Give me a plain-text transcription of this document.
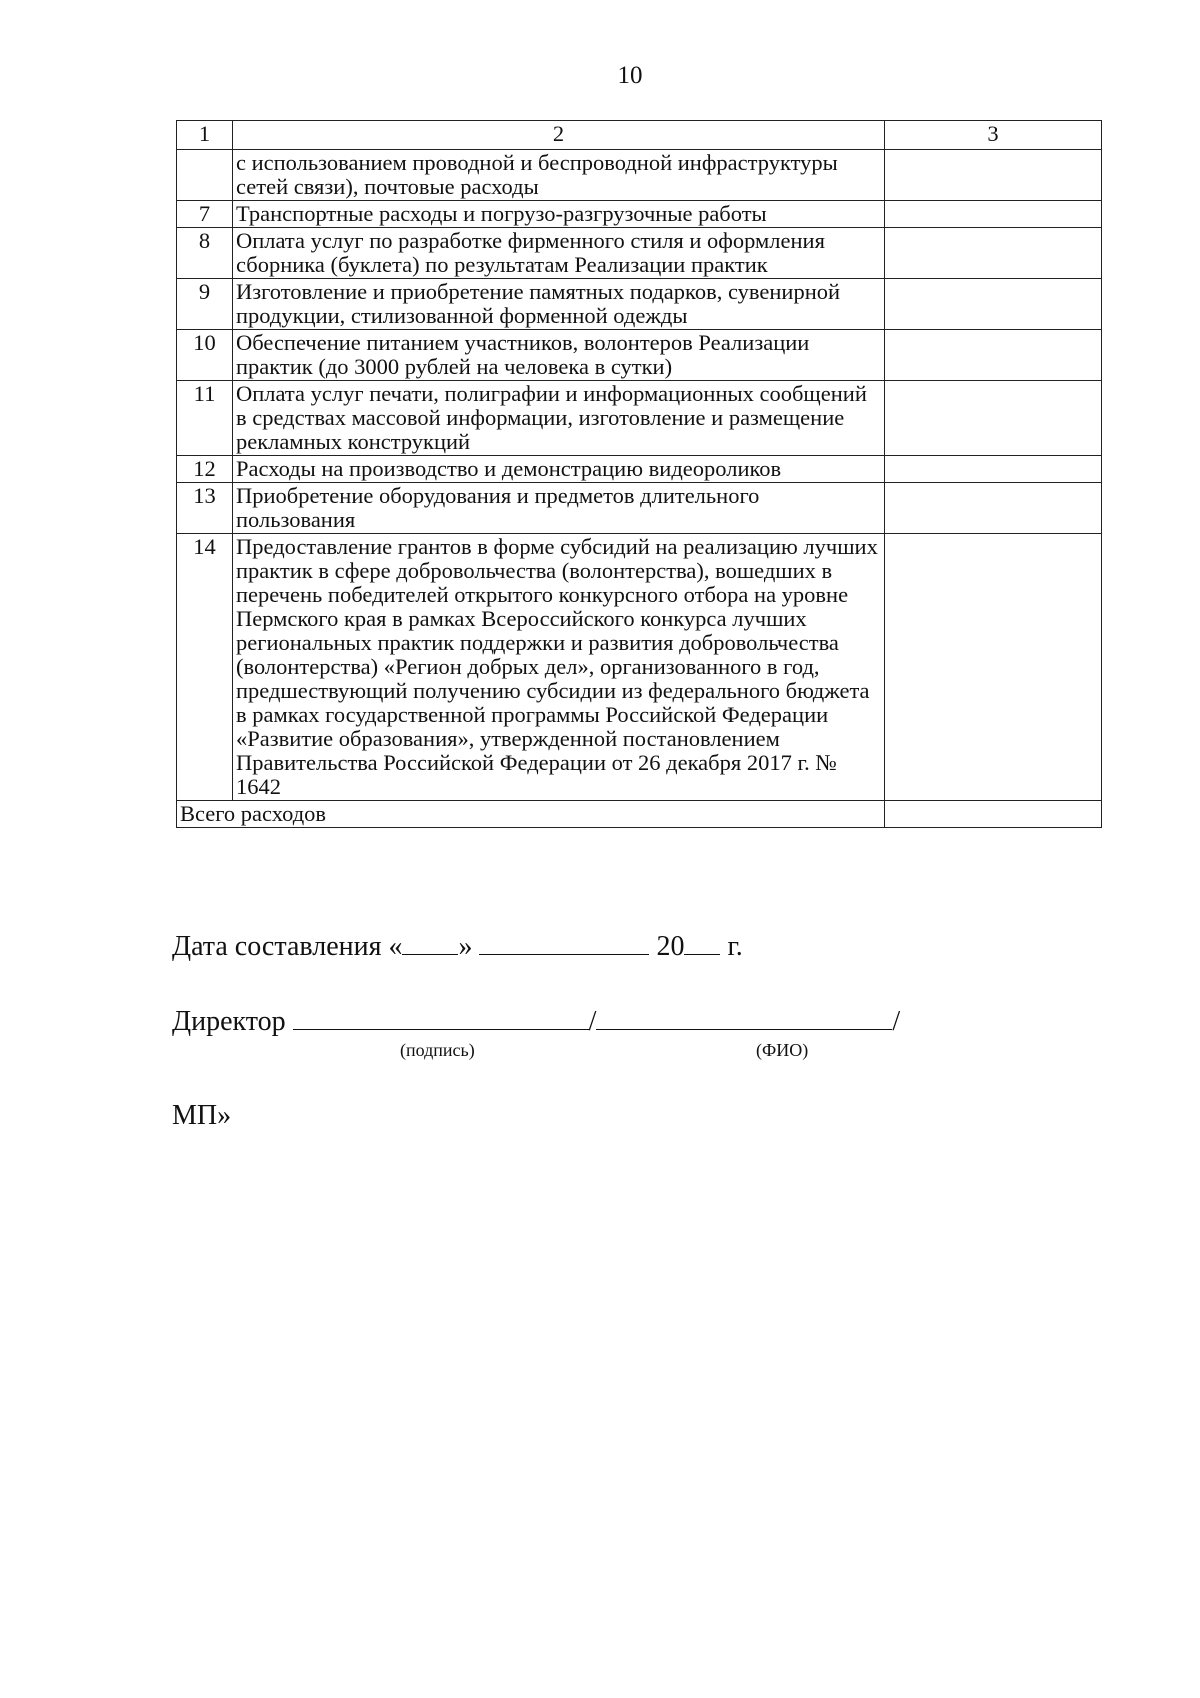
10
1	2	3
	с использованием проводной и беспроводной инфраструктуры сетей связи), почтовые расходы	
7	Транспортные расходы и погрузо-разгрузочные работы	
8	Оплата услуг по разработке фирменного стиля и оформления сборника (буклета) по результатам Реализации практик	
9	Изготовление и приобретение памятных подарков, сувенирной продукции, стилизованной форменной одежды	
10	Обеспечение питанием участников, волонтеров Реализации практик (до 3000 рублей на человека в сутки)	
11	Оплата услуг печати, полиграфии и информационных сообщений в средствах массовой информации, изготовление и размещение рекламных конструкций	
12	Расходы на производство и демонстрацию видеороликов	
13	Приобретение оборудования и предметов длительного пользования	
14	Предоставление грантов в форме субсидий на реализацию лучших практик в сфере добровольчества (волонтерства), вошедших в перечень победителей открытого конкурсного отбора на уровне Пермского края в рамках Всероссийского конкурса лучших региональных практик поддержки и развития добровольчества (волонтерства) «Регион добрых дел», организованного в год, предшествующий получению субсидии из федерального бюджета в рамках государственной программы Российской Федерации «Развитие образования», утвержденной постановлением Правительства Российской Федерации от 26 декабря 2017 г. № 1642	
Всего расходов		
Дата составления « »	20 г.
Директор	/	/
(подпись)	(ФИО)
МП»
